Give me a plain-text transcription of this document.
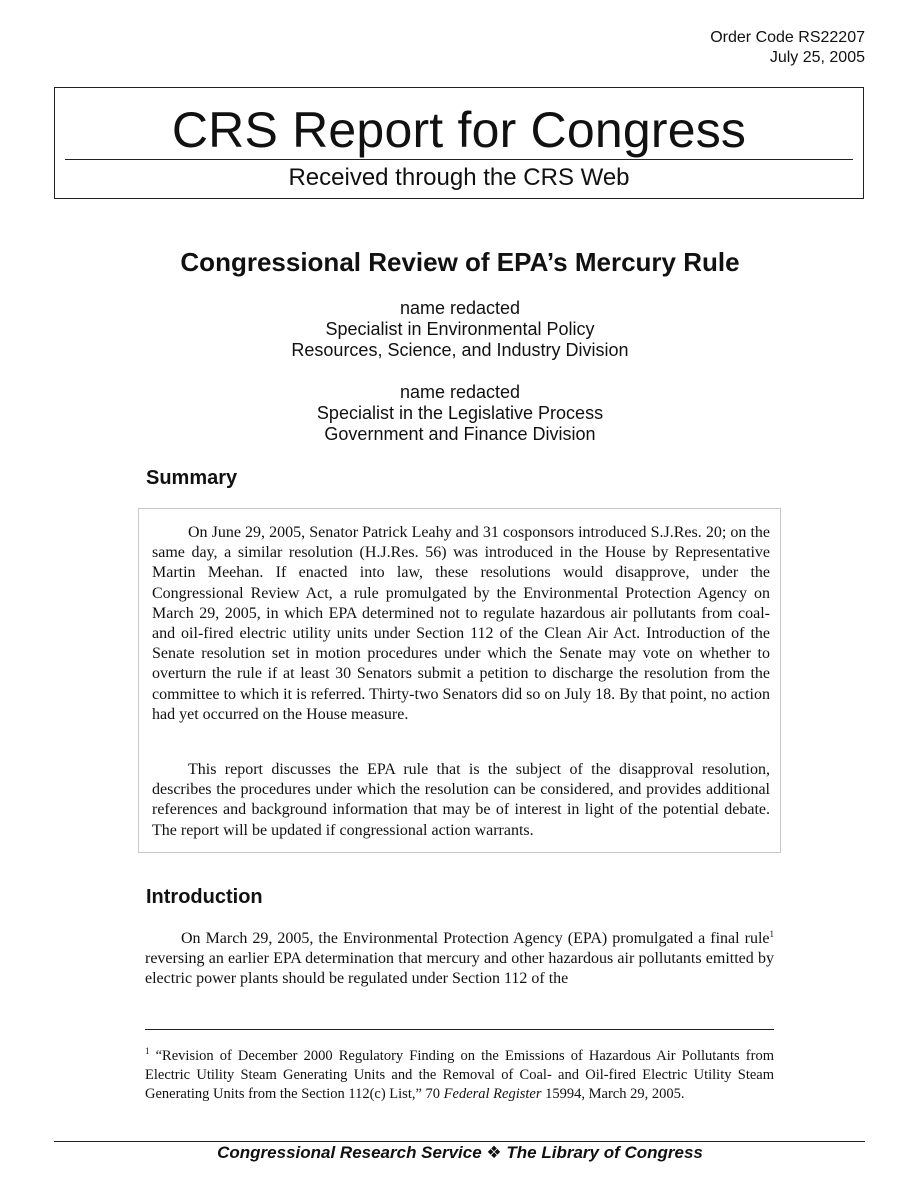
Order Code RS22207
July 25, 2005
CRS Report for Congress
Received through the CRS Web
Congressional Review of EPA’s Mercury Rule
name redacted
Specialist in Environmental Policy
Resources, Science, and Industry Division
name redacted
Specialist in the Legislative Process
Government and Finance Division
Summary

On June 29, 2005, Senator Patrick Leahy and 31 cosponsors introduced S.J.Res. 20; on the same day, a similar resolution (H.J.Res. 56) was introduced in the House by Representative Martin Meehan. If enacted into law, these resolutions would disapprove, under the Congressional Review Act, a rule promulgated by the Environmental Protection Agency on March 29, 2005, in which EPA determined not to regulate hazardous air pollutants from coal- and oil-fired electric utility units under Section 112 of the Clean Air Act. Introduction of the Senate resolution set in motion procedures under which the Senate may vote on whether to overturn the rule if at least 30 Senators submit a petition to discharge the resolution from the committee to which it is referred. Thirty-two Senators did so on July 18. By that point, no action had yet occurred on the House measure.

This report discusses the EPA rule that is the subject of the disapproval resolution, describes the procedures under which the resolution can be considered, and provides additional references and background information that may be of interest in light of the potential debate. The report will be updated if congressional action warrants.

Introduction

On March 29, 2005, the Environmental Protection Agency (EPA) promulgated a final rule$^1$ reversing an earlier EPA determination that mercury and other hazardous air pollutants emitted by electric power plants should be regulated under Section 112 of the

$^1$ “Revision of December 2000 Regulatory Finding on the Emissions of Hazardous Air Pollutants from Electric Utility Steam Generating Units and the Removal of Coal- and Oil-fired Electric Utility Steam Generating Units from the Section 112(c) List,” 70 Federal Register 15994, March 29, 2005.

Congressional Research Service ❖ The Library of Congress
